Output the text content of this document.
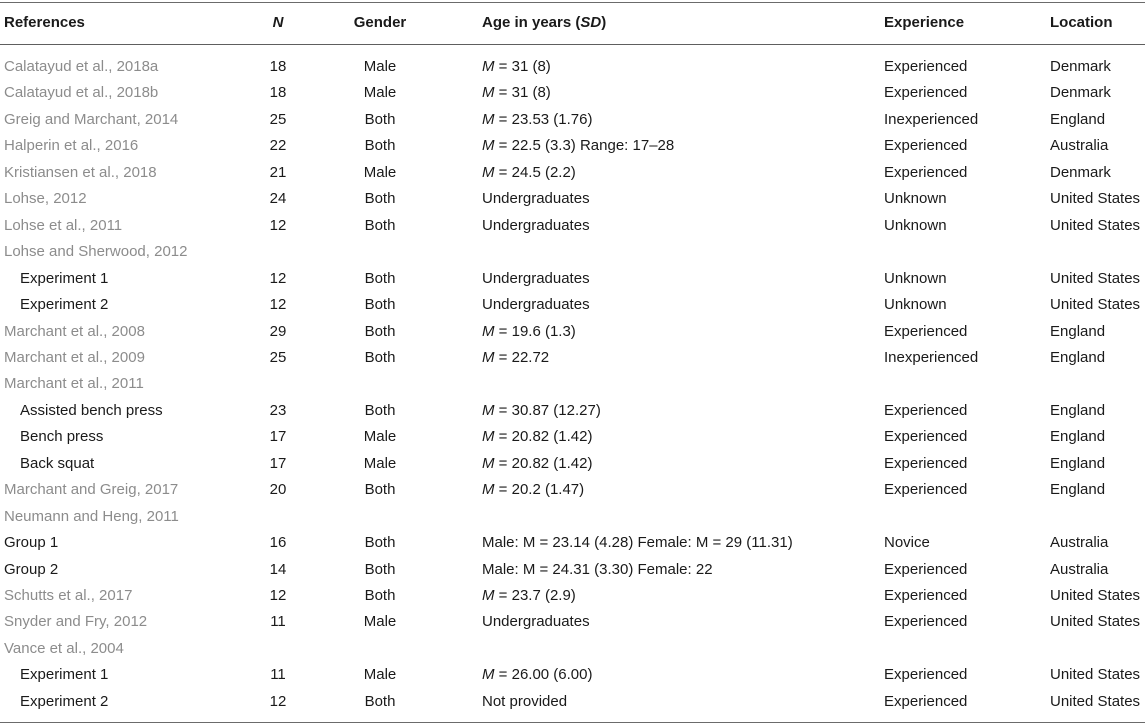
References	N	Gender	Age in years (SD)	Experience	Location
Calatayud et al., 2018a	18	Male	M = 31 (8)	Experienced	Denmark
Calatayud et al., 2018b	18	Male	M = 31 (8)	Experienced	Denmark
Greig and Marchant, 2014	25	Both	M = 23.53 (1.76)	Inexperienced	England
Halperin et al., 2016	22	Both	M = 22.5 (3.3) Range: 17–28	Experienced	Australia
Kristiansen et al., 2018	21	Male	M = 24.5 (2.2)	Experienced	Denmark
Lohse, 2012	24	Both	Undergraduates	Unknown	United States
Lohse et al., 2011	12	Both	Undergraduates	Unknown	United States
Lohse and Sherwood, 2012
Experiment 1	12	Both	Undergraduates	Unknown	United States
Experiment 2	12	Both	Undergraduates	Unknown	United States
Marchant et al., 2008	29	Both	M = 19.6 (1.3)	Experienced	England
Marchant et al., 2009	25	Both	M = 22.72	Inexperienced	England
Marchant et al., 2011
Assisted bench press	23	Both	M = 30.87 (12.27)	Experienced	England
Bench press	17	Male	M = 20.82 (1.42)	Experienced	England
Back squat	17	Male	M = 20.82 (1.42)	Experienced	England
Marchant and Greig, 2017	20	Both	M = 20.2 (1.47)	Experienced	England
Neumann and Heng, 2011
Group 1	16	Both	Male: M = 23.14 (4.28) Female: M = 29 (11.31)	Novice	Australia
Group 2	14	Both	Male: M = 24.31 (3.30) Female: 22	Experienced	Australia
Schutts et al., 2017	12	Both	M = 23.7 (2.9)	Experienced	United States
Snyder and Fry, 2012	11	Male	Undergraduates	Experienced	United States
Vance et al., 2004
Experiment 1	11	Male	M = 26.00 (6.00)	Experienced	United States
Experiment 2	12	Both	Not provided	Experienced	United States
